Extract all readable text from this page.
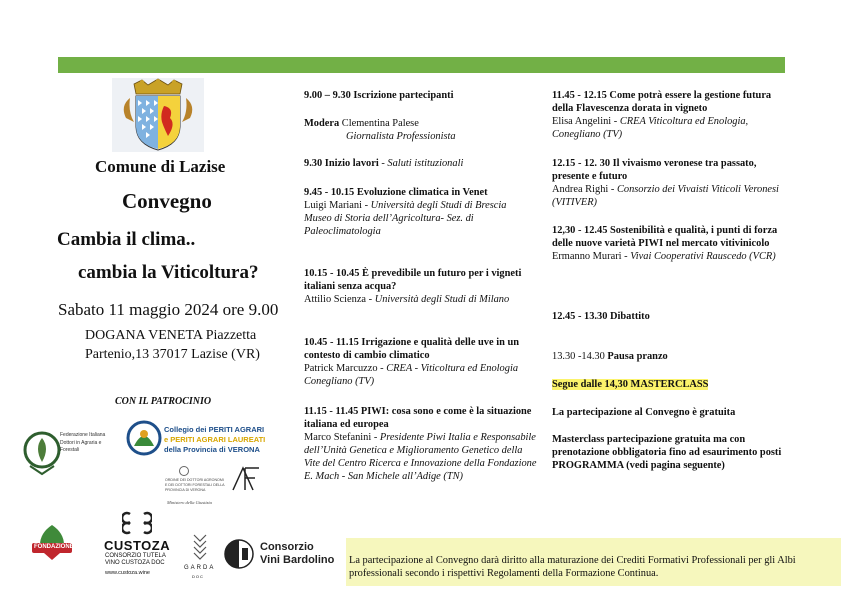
Comune di Lazise
Convegno
Cambia il clima..
cambia la Viticoltura?
Sabato 11 maggio 2024 ore 9.00
DOGANA VENETA Piazzetta
Partenio,13 37017 Lazise (VR)
CON IL PATROCINIO
Federazione Italiana Dottori in Agraria e Forestali
Collegio dei PERITI AGRARI
e PERITI AGRARI LAUREATI
della Provincia di VERONA
ORDINE DEI DOTTORI AGRONOMI E DEI DOTTORI FORESTALI DELLA PROVINCIA DI VERONA
Ministero della Giustizia
FONDAZIONE CUSTOZA
CONSORZIO TUTELA
VINO CUSTOZA DOC
www.custoza.wine
GARDA
DOC
Consorzio
Vini Bardolino
9.00 – 9.30 Iscrizione partecipanti
Modera Clementina Palese
Giornalista Professionista
9.30 Inizio lavori - Saluti istituzionali
9.45 - 10.15 Evoluzione climatica in Venet
Luigi Mariani - Università degli Studi di Brescia
Museo di Storia dell’Agricoltura- Sez. di Paleoclimatologia
10.15 - 10.45 È prevedibile un futuro per i vigneti italiani senza acqua?
Attilio Scienza - Università degli Studi di Milano
10.45 - 11.15 Irrigazione e qualità delle uve in un contesto di cambio climatico
Patrick Marcuzzo - CREA - Viticoltura ed Enologia Conegliano (TV)
11.15 - 11.45 PIWI: cosa sono e come è la situazione italiana ed europea
Marco Stefanini - Presidente Piwi Italia e Responsabile dell’Unità Genetica e Miglioramento Genetico della Vite del Centro Ricerca e Innovazione della Fondazione E. Mach - San Michele all’Adige (TN)
11.45 - 12.15 Come potrà essere la gestione futura della Flavescenza dorata in vigneto
Elisa Angelini - CREA Viticoltura ed Enologia, Conegliano (TV)
12.15 - 12. 30 Il vivaismo veronese tra passato, presente e futuro
Andrea Righi - Consorzio dei Vivaisti Viticoli Veronesi (VITIVER)
12,30 - 12.45 Sostenibilità e qualità, i punti di forza delle nuove varietà PIWI nel mercato vitivinicolo
Ermanno Murari - Vivai Cooperativi Rauscedo (VCR)
12.45 - 13.30 Dibattito
13.30 -14.30 Pausa pranzo
Segue dalle 14,30 MASTERCLASS
La partecipazione al Convegno è gratuita
Masterclass partecipazione gratuita ma con prenotazione obbligatoria fino ad esaurimento posti
PROGRAMMA (vedi pagina seguente)
La partecipazione al Convegno darà diritto alla maturazione dei Crediti Formativi Professionali per gli Albi professionali secondo i rispettivi Regolamenti della Formazione Continua.
